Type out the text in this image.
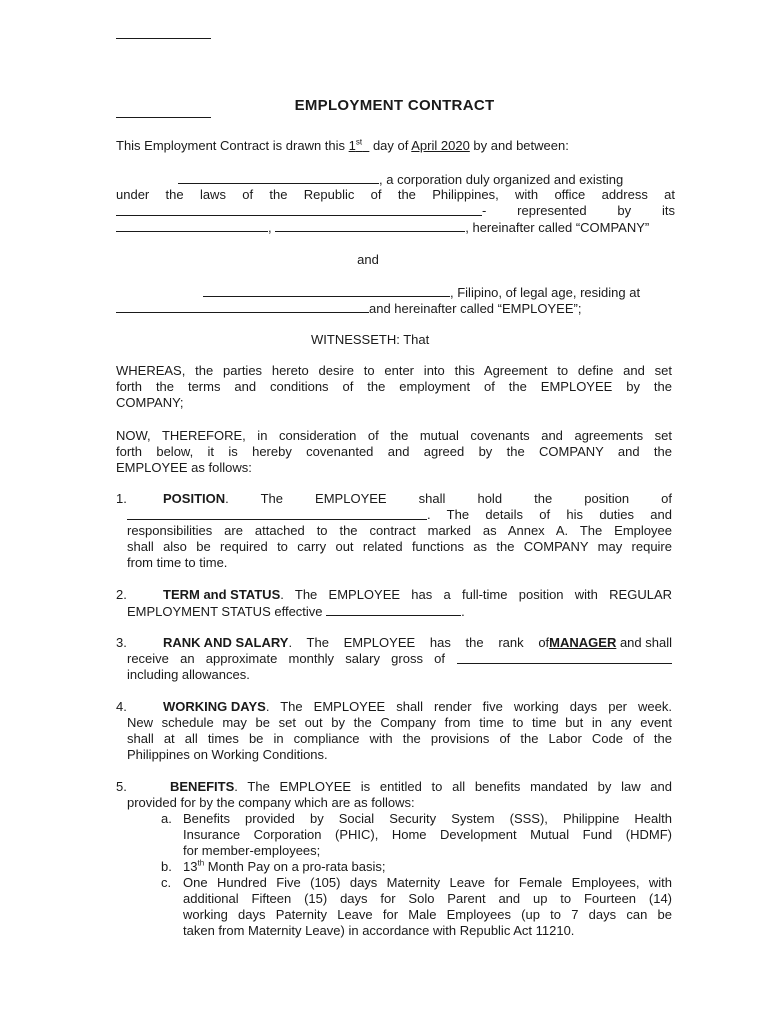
EMPLOYMENT CONTRACT
This Employment Contract is drawn this 1st   day of April 2020 by and between:
, a corporation duly organized and existing
under the laws of the Republic of the Philippines, with office address at
- represented by its
,	, hereinafter called “COMPANY”
and
, Filipino, of legal age, residing at
and hereinafter called “EMPLOYEE”;
WITNESSETH: That
WHEREAS, the parties hereto desire to enter into this Agreement to define and set
forth the terms and conditions of the employment of the EMPLOYEE by the
COMPANY;
NOW, THEREFORE, in consideration of the mutual covenants and agreements set
forth below, it is hereby covenanted and agreed by the COMPANY and the
EMPLOYEE as follows:
1.	POSITION . The EMPLOYEE shall hold the position of
. The details of his duties and
responsibilities are attached to the contract marked as Annex A. The Employee
shall also be required to carry out related functions as the COMPANY may require
from time to time.
2.	TERM and STATUS . The EMPLOYEE has a full-time position with REGULAR
EMPLOYMENT STATUS effective	.
3.	RANK AND SALARY . The EMPLOYEE has the rank of MANAGER and shall
receive an approximate monthly salary gross of
including allowances.
4.	WORKING DAYS . The EMPLOYEE shall render five working days per week.
New schedule may be set out by the Company from time to time but in any event
shall at all times be in compliance with the provisions of the Labor Code of the
Philippines on Working Conditions.
5.	BENEFITS . The EMPLOYEE is entitled to all benefits mandated by law and
provided for by the company which are as follows:
a. Benefits provided by Social Security System (SSS), Philippine Health
Insurance Corporation (PHIC), Home Development Mutual Fund (HDMF)
for member-employees;
b. 13th Month Pay on a pro-rata basis;
c. One Hundred Five (105) days Maternity Leave for Female Employees, with
additional Fifteen (15) days for Solo Parent and up to Fourteen (14)
working days Paternity Leave for Male Employees (up to 7 days can be
taken from Maternity Leave) in accordance with Republic Act 11210.
